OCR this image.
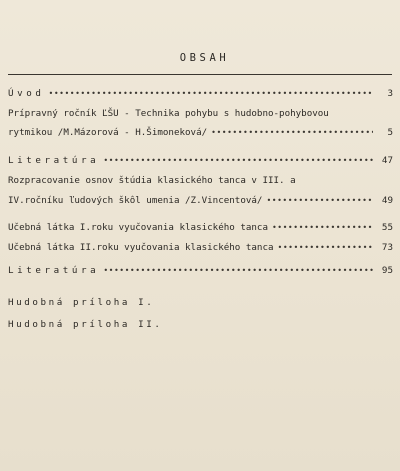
OBSAH
Úvod •••••	3
Prípravný ročník ĽŠU - Technika pohybu s hudobno-pohybovou
rytmikou /M.Mázorová - H.Šimoneková/ •••••	5
Literatúra •••••	47
Rozpracovanie osnov štúdia klasického tanca v III. a
IV.ročníku ľudových škôl umenia /Z.Vincentová/ •••••	49
Učebná látka I.roku vyučovania klasického tanca •••••	55
Učebná látka II.roku vyučovania klasického tanca •••••	73
Literatúra •••••	95
Hudobná príloha I.
Hudobná príloha II.
